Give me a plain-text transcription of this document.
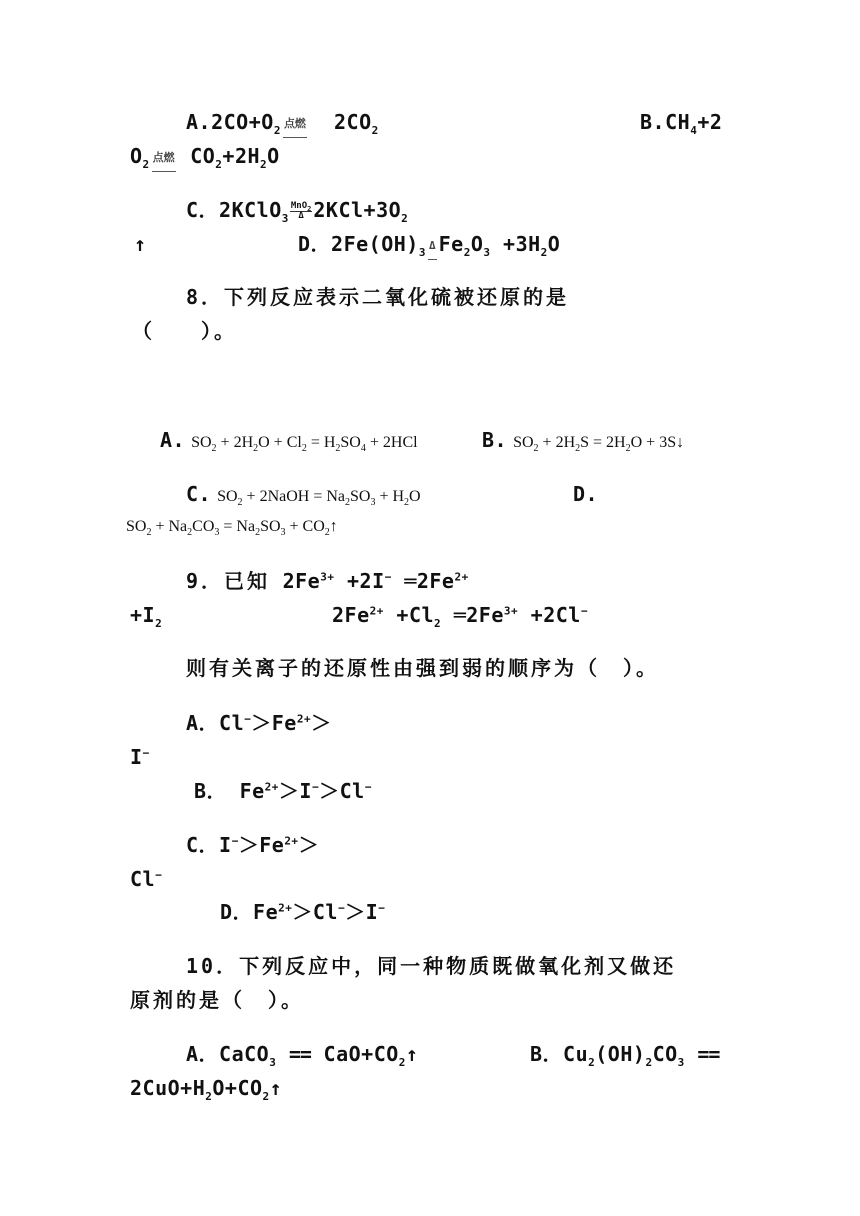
$A.2CO+O_2$点燃  $2CO_2$	$B.CH_4+2$
$O_2$点燃 $CO_2+2H_2O$
C．2KClO$_3$
MnO$_2$
Δ $2KCl+3O_2$
↑	D．$2Fe(OH)_3\Delta$ $Fe_2O_3 +3H_2O$
8．下列反应表示二氧化硫被还原的是
（　　）。
A. $SO_2 + 2H_2O + Cl_2 = H_2SO_4 + 2HCl$	B. $SO_2 + 2H_2S = 2H_2O$ + 3S↓
C. $SO_2$ + 2NaOH = $Na_2SO_3 + H_2O$	D.
$SO_2 + Na_2CO_3 = Na_2SO_3$ + $CO_2↑$
9．已知 $2Fe^{3+} +2I^-$ $═2Fe^{2+}$
$+I_2$	$2Fe^{2+} +Cl_2$ $═2Fe^{3+} +2Cl^-$
则有关离子的还原性由强到弱的顺序为（　）。
A．$Cl^->Fe^{2+}>$
I−
B． $Fe^{2+}>I^->Cl^-$
C．$I^->Fe^{2+}>$
Cl−
D．$Fe^{2+}>Cl^->I^-$
10．下列反应中，同一种物质既做氧化剂又做还
原剂的是（　）。
A．CaCO$_3$ == $CaO+CO_2↑$	B．$Cu_2(OH)_2CO_3$ ==
$2CuO+H_2O+CO_2↑$
